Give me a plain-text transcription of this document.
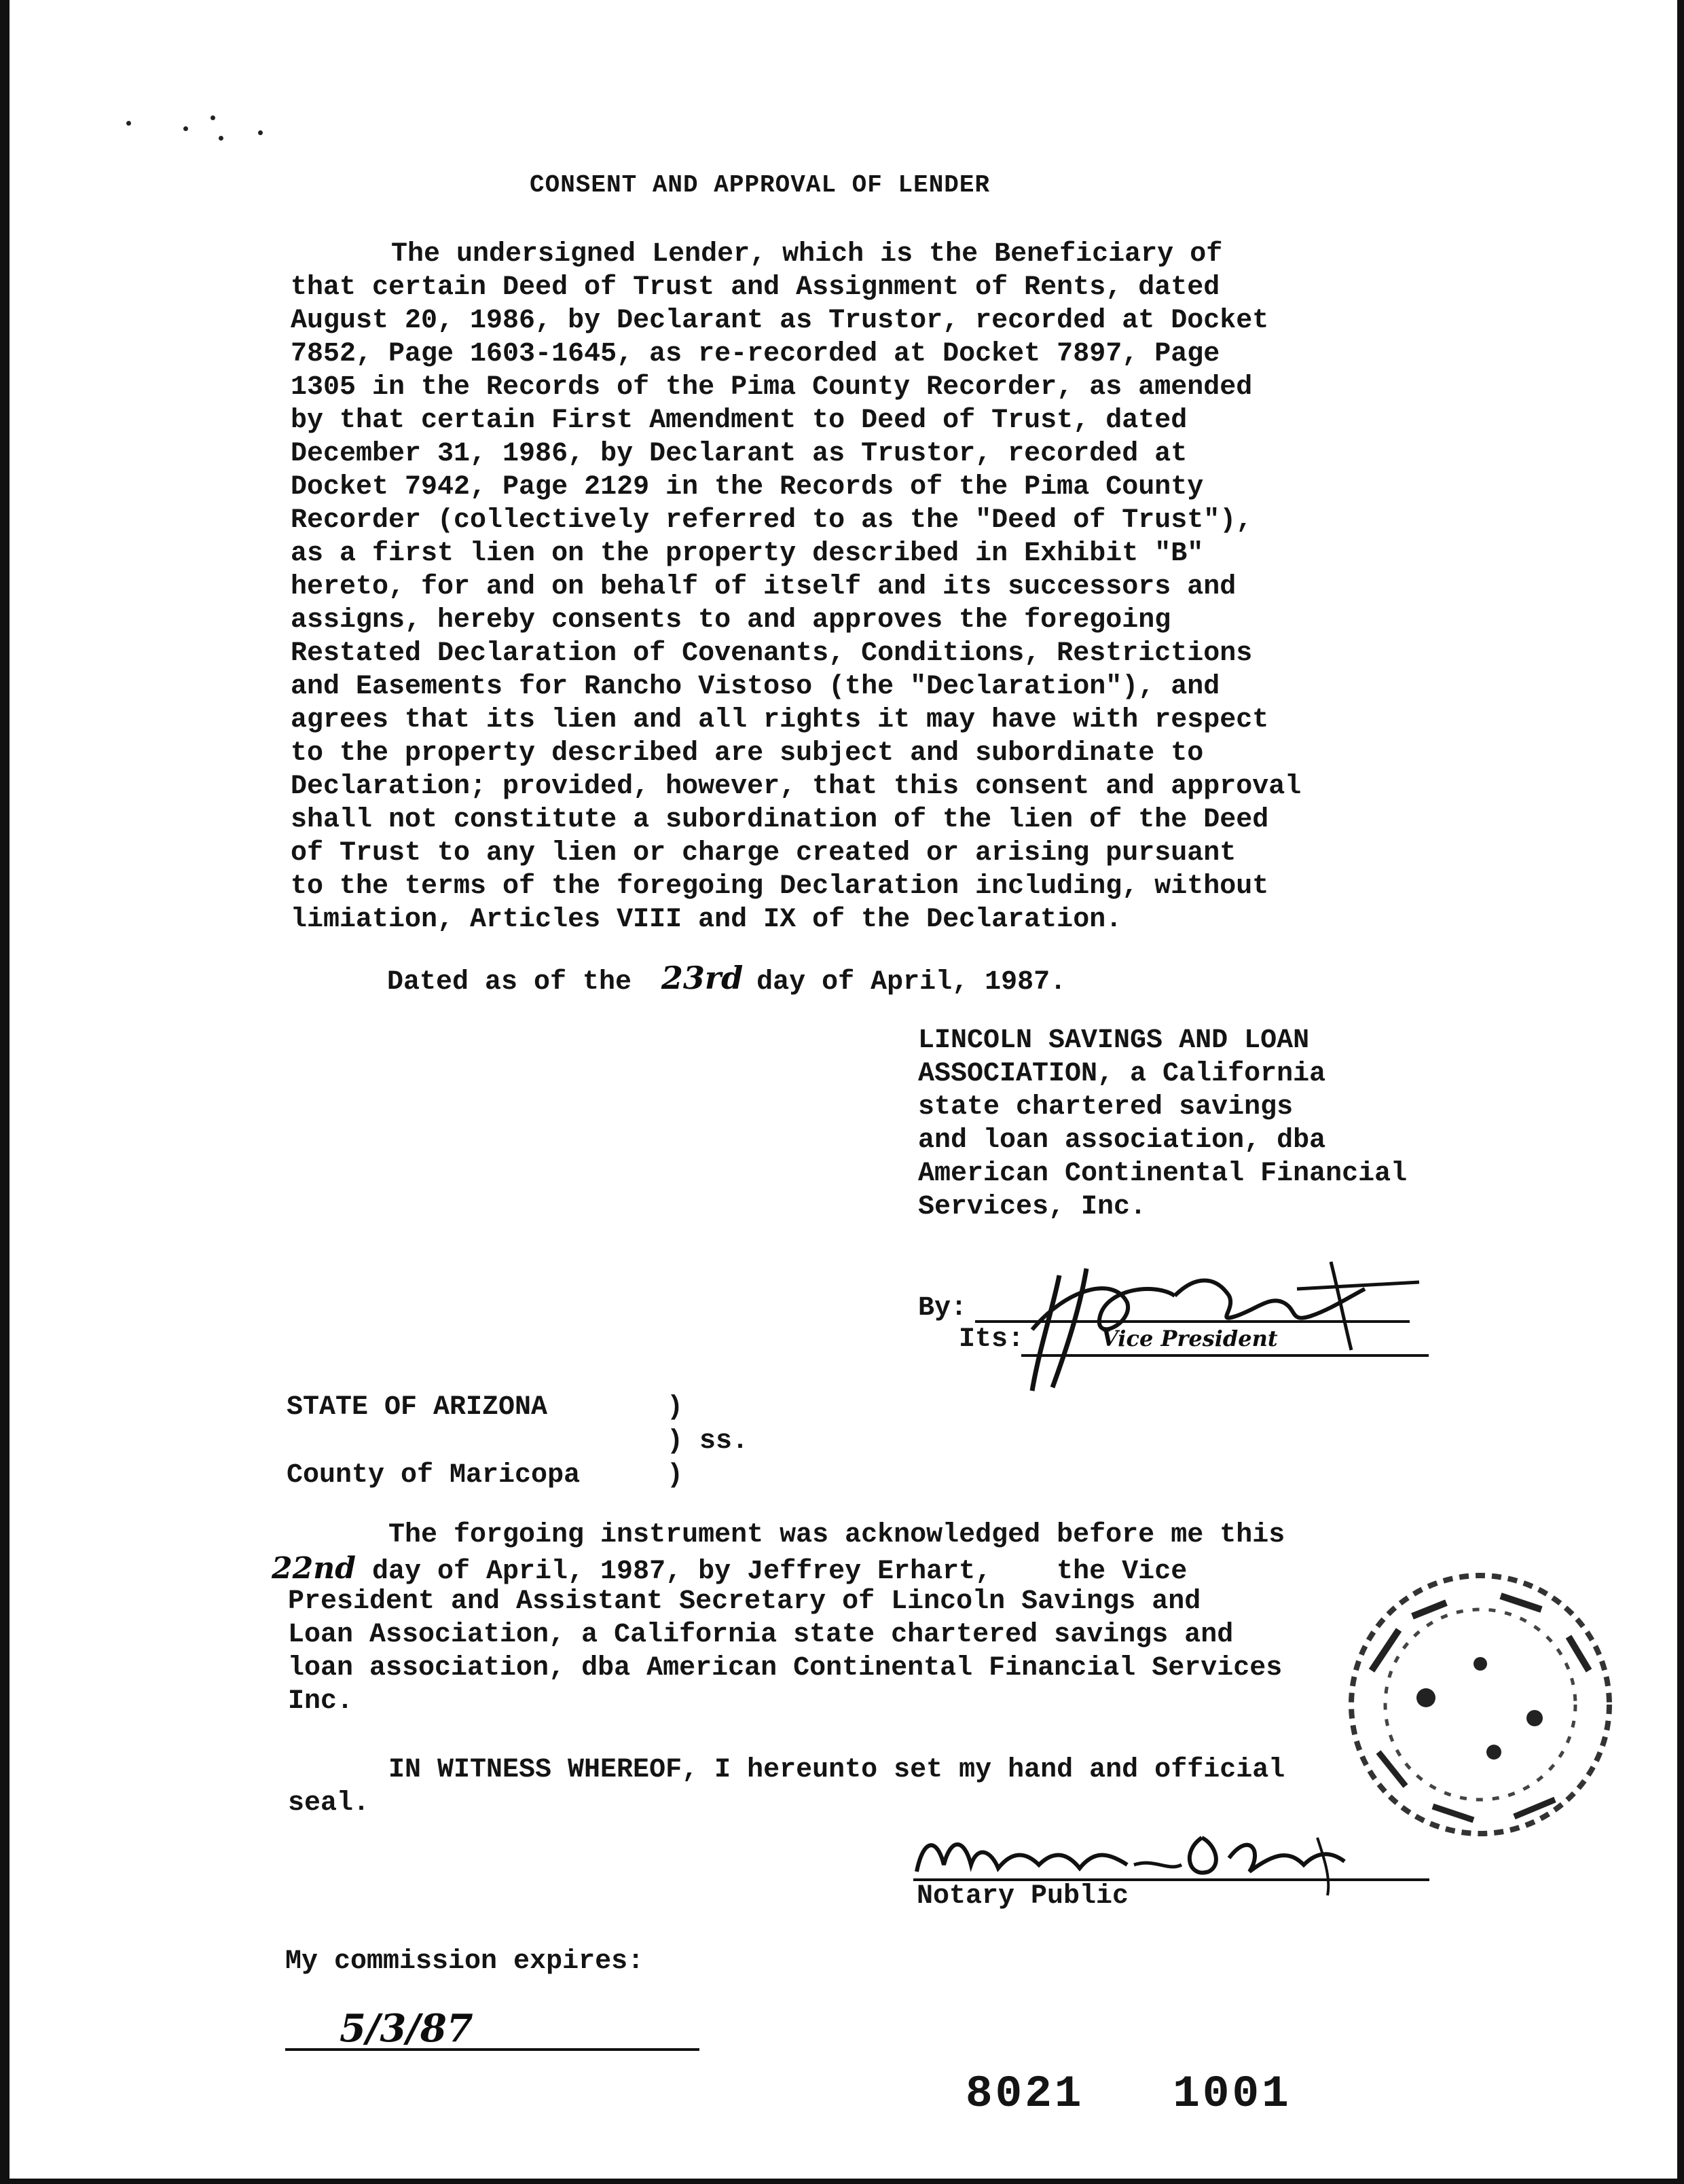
CONSENT AND APPROVAL OF LENDER
The undersigned Lender, which is the Beneficiary of
that certain Deed of Trust and Assignment of Rents, dated
August 20, 1986, by Declarant as Trustor, recorded at Docket
7852, Page 1603-1645, as re-recorded at Docket 7897, Page
1305 in the Records of the Pima County Recorder, as amended
by that certain First Amendment to Deed of Trust, dated
December 31, 1986, by Declarant as Trustor, recorded at
Docket 7942, Page 2129 in the Records of the Pima County
Recorder (collectively referred to as the "Deed of Trust"),
as a first lien on the property described in Exhibit "B"
hereto, for and on behalf of itself and its successors and
assigns, hereby consents to and approves the foregoing
Restated Declaration of Covenants, Conditions, Restrictions
and Easements for Rancho Vistoso (the "Declaration"), and
agrees that its lien and all rights it may have with respect
to the property described are subject and subordinate to
Declaration; provided, however, that this consent and approval
shall not constitute a subordination of the lien of the Deed
of Trust to any lien or charge created or arising pursuant
to the terms of the foregoing Declaration including, without
limiation, Articles VIII and IX of the Declaration.
Dated as of the 23rd day of April, 1987.
LINCOLN SAVINGS AND LOAN
ASSOCIATION, a California
state chartered savings
and loan association, dba
American Continental Financial
Services, Inc.
By:
Its:	Vice President
STATE OF ARIZONA	)
) ss.
County of Maricopa	)
The forgoing instrument was acknowledged before me this
22nd day of April, 1987, by Jeffrey Erhart,    the Vice
President and Assistant Secretary of Lincoln Savings and
Loan Association, a California state chartered savings and
loan association, dba American Continental Financial Services
Inc.
IN WITNESS WHEREOF, I hereunto set my hand and official
seal.
Notary Public
My commission expires:
5/3/87
8021   1001
